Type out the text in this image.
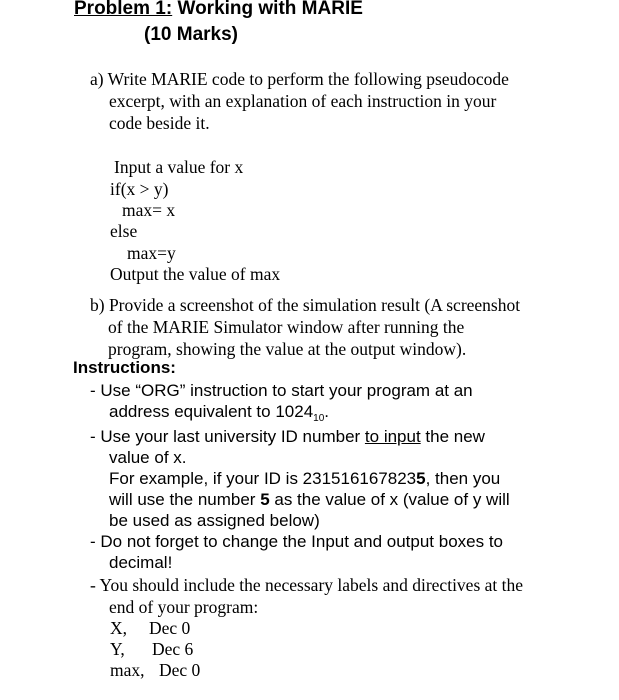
Problem 1: Working with MARIE
(10 Marks)
a) Write MARIE code to perform the following pseudocode
excerpt, with an explanation of each instruction in your
code beside it.
Input a value for x
if(x > y)
max= x
else
max=y
Output the value of max
b) Provide a screenshot of the simulation result (A screenshot
of the MARIE Simulator window after running the
program, showing the value at the output window).
Instructions:
- Use “ORG” instruction to start your program at an
address equivalent to $1024_{10}$.
- Use your last university ID number to input the new
value of x.
For example, if your ID is 2315161678235, then you
will use the number 5 as the value of x (value of y will
be used as assigned below)
- Do not forget to change the Input and output boxes to
decimal!
- You should include the necessary labels and directives at the
end of your program:
X, Dec 0
Y, Dec 6
max, Dec 0
